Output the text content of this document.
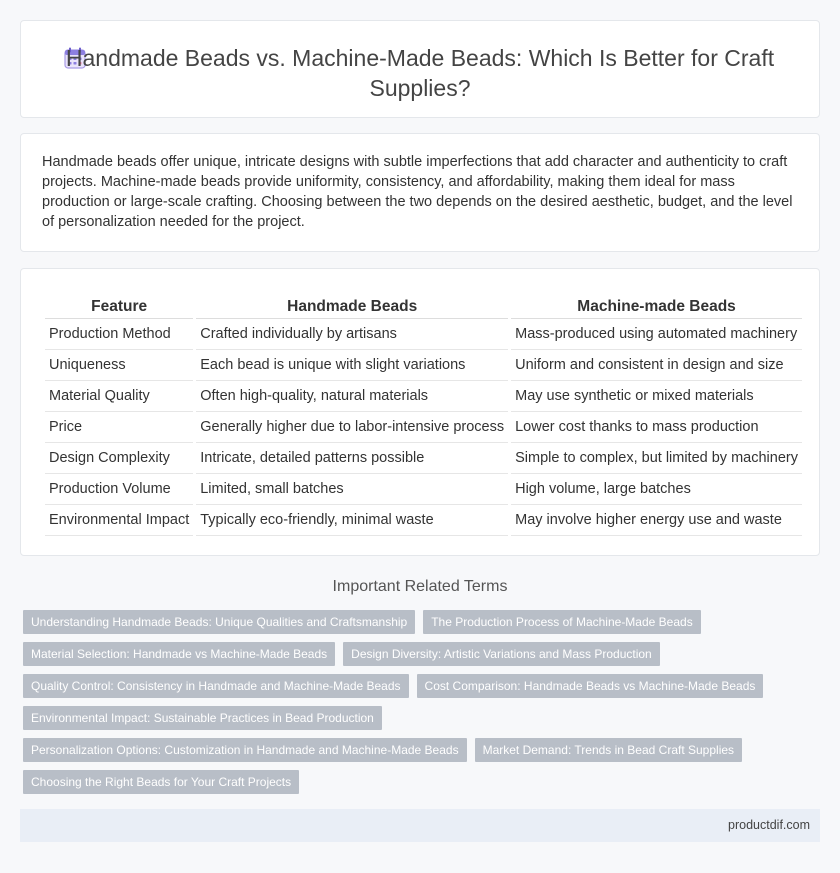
Handmade Beads vs. Machine-Made Beads: Which Is Better for Craft Supplies?

Handmade beads offer unique, intricate designs with subtle imperfections that add character and authenticity to craft projects. Machine-made beads provide uniformity, consistency, and affordability, making them ideal for mass production or large-scale crafting. Choosing between the two depends on the desired aesthetic, budget, and the level of personalization needed for the project.

Feature	Handmade Beads	Machine-made Beads
Production Method	Crafted individually by artisans	Mass-produced using automated machinery
Uniqueness	Each bead is unique with slight variations	Uniform and consistent in design and size
Material Quality	Often high-quality, natural materials	May use synthetic or mixed materials
Price	Generally higher due to labor-intensive process	Lower cost thanks to mass production
Design Complexity	Intricate, detailed patterns possible	Simple to complex, but limited by machinery
Production Volume	Limited, small batches	High volume, large batches
Environmental Impact	Typically eco-friendly, minimal waste	May involve higher energy use and waste
Important Related Terms
Understanding Handmade Beads: Unique Qualities and Craftsmanship	The Production Process of Machine-Made Beads
Material Selection: Handmade vs Machine-Made Beads	Design Diversity: Artistic Variations and Mass Production
Quality Control: Consistency in Handmade and Machine-Made Beads	Cost Comparison: Handmade Beads vs Machine-Made Beads
Environmental Impact: Sustainable Practices in Bead Production
Personalization Options: Customization in Handmade and Machine-Made Beads	Market Demand: Trends in Bead Craft Supplies
Choosing the Right Beads for Your Craft Projects
productdif.com
